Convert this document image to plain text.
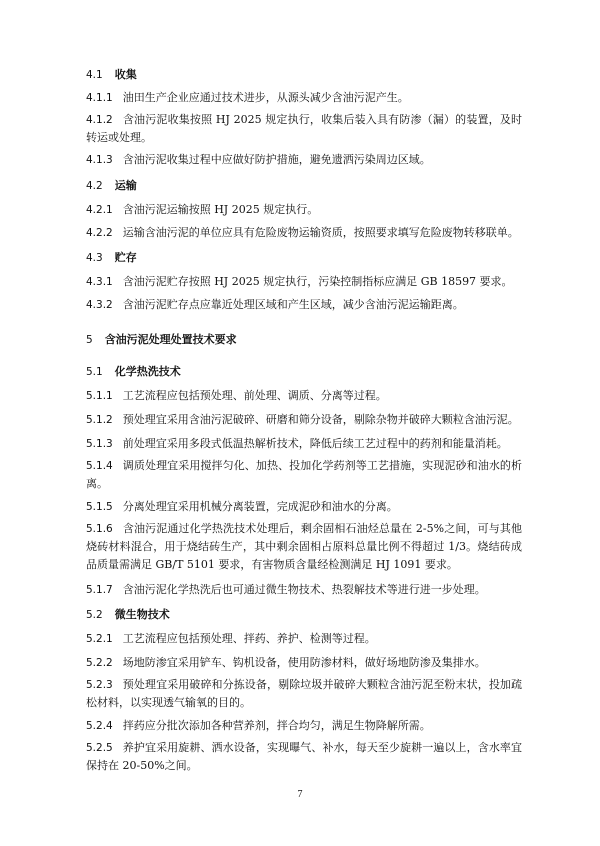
4.1 收集
4.1.1 油田生产企业应通过技术进步，从源头减少含油污泥产生。
4.1.2 含油污泥收集按照 HJ 2025 规定执行，收集后装入具有防渗（漏）的装置，及时转运或处理。
4.1.3 含油污泥收集过程中应做好防护措施，避免遗洒污染周边区域。
4.2 运输
4.2.1 含油污泥运输按照 HJ 2025 规定执行。
4.2.2 运输含油污泥的单位应具有危险废物运输资质，按照要求填写危险废物转移联单。
4.3 贮存
4.3.1 含油污泥贮存按照 HJ 2025 规定执行，污染控制指标应满足 GB 18597 要求。
4.3.2 含油污泥贮存点应靠近处理区域和产生区域，减少含油污泥运输距离。
5 含油污泥处理处置技术要求
5.1 化学热洗技术
5.1.1 工艺流程应包括预处理、前处理、调质、分离等过程。
5.1.2 预处理宜采用含油污泥破碎、研磨和筛分设备，剔除杂物并破碎大颗粒含油污泥。
5.1.3 前处理宜采用多段式低温热解析技术，降低后续工艺过程中的药剂和能量消耗。
5.1.4 调质处理宜采用搅拌匀化、加热、投加化学药剂等工艺措施，实现泥砂和油水的析离。
5.1.5 分离处理宜采用机械分离装置，完成泥砂和油水的分离。
5.1.6 含油污泥通过化学热洗技术处理后，剩余固相石油烃总量在 2-5%之间，可与其他烧砖材料混合，用于烧结砖生产，其中剩余固相占原料总量比例不得超过 1/3。烧结砖成品质量需满足 GB/T 5101 要求，有害物质含量经检测满足 HJ 1091 要求。
5.1.7 含油污泥化学热洗后也可通过微生物技术、热裂解技术等进行进一步处理。
5.2 微生物技术
5.2.1 工艺流程应包括预处理、拌药、养护、检测等过程。
5.2.2 场地防渗宜采用铲车、钩机设备，使用防渗材料，做好场地防渗及集排水。
5.2.3 预处理宜采用破碎和分拣设备，剔除垃圾并破碎大颗粒含油污泥至粉末状，投加疏松材料，以实现透气输氧的目的。
5.2.4 拌药应分批次添加各种营养剂，拌合均匀，满足生物降解所需。
5.2.5 养护宜采用旋耕、洒水设备，实现曝气、补水，每天至少旋耕一遍以上，含水率宜保持在 20-50%之间。
7
